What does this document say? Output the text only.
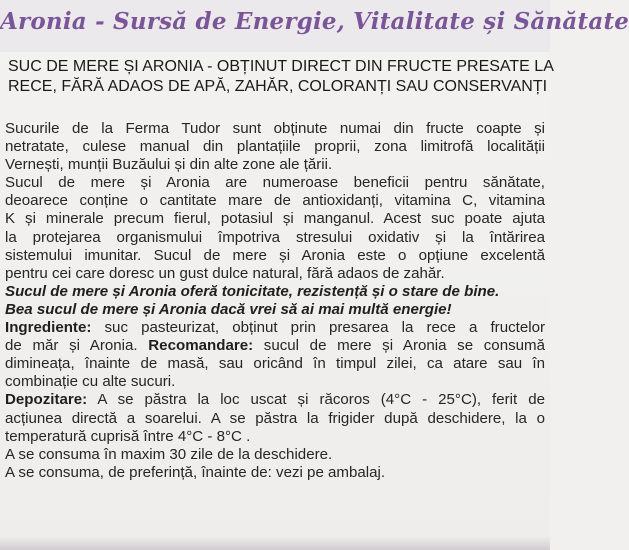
Aronia - Sursă de Energie, Vitalitate și Sănătate
SUC DE MERE ȘI ARONIA - OBȚINUT DIRECT DIN FRUCTE PRESATE LA
RECE, FĂRĂ ADAOS DE APĂ, ZAHĂR, COLORANȚI SAU CONSERVANȚI
Sucurile de la Ferma Tudor sunt obținute numai din fructe coapte și
netratate, culese manual din plantațiile proprii, zona limitrofă localității
Vernești, munții Buzăului și din alte zone ale țării.
Sucul de mere și Aronia are numeroase beneficii pentru sănătate,
deoarece conține o cantitate mare de antioxidanți, vitamina C, vitamina
K și minerale precum fierul, potasiul și manganul. Acest suc poate ajuta
la protejarea organismului împotriva stresului oxidativ și la întărirea
sistemului imunitar. Sucul de mere și Aronia este o opțiune excelentă
pentru cei care doresc un gust dulce natural, fără adaos de zahăr.
Sucul de mere și Aronia oferă tonicitate, rezistență și o stare de bine.
Bea sucul de mere și Aronia dacă vrei să ai mai multă energie!
Ingrediente: suc pasteurizat, obținut prin presarea la rece a fructelor
de măr și Aronia. Recomandare: sucul de mere și Aronia se consumă
dimineața, înainte de masă, sau oricând în timpul zilei, ca atare sau în
combinație cu alte sucuri.
Depozitare: A se păstra la loc uscat și răcoros (4°C - 25°C), ferit de
acțiunea directă a soarelui. A se păstra la frigider după deschidere, la o
temperatură cuprisă între 4°C - 8°C .
A se consuma în maxim 30 zile de la deschidere.
A se consuma, de preferință, înainte de: vezi pe ambalaj.
